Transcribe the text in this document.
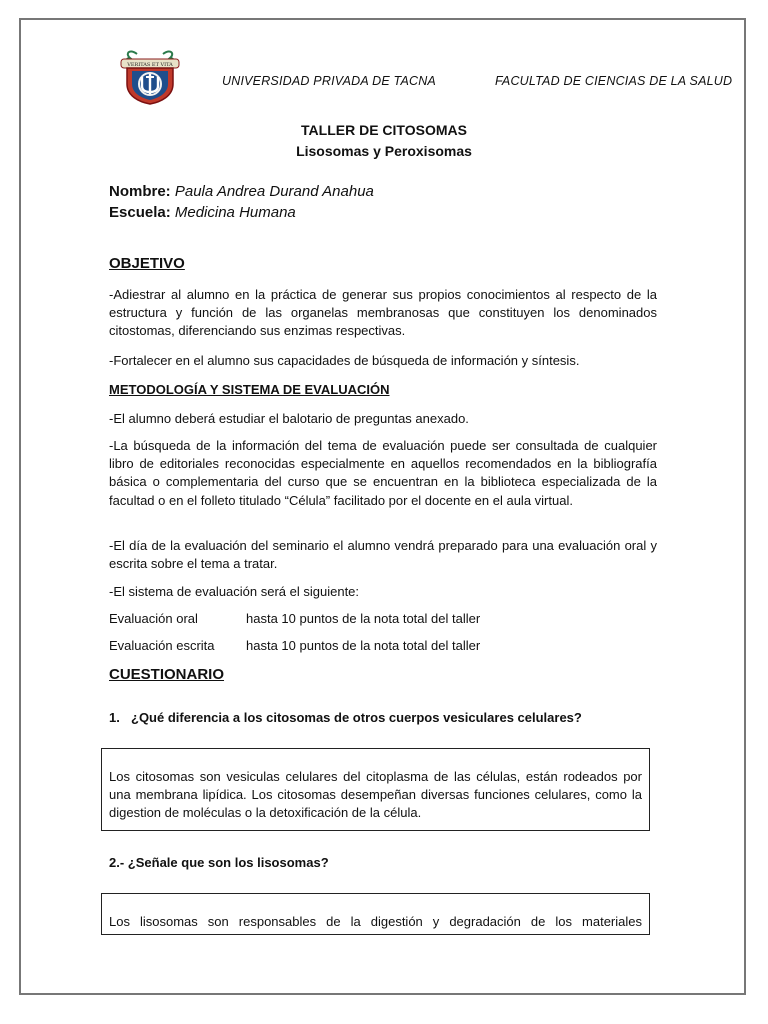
VERITAS ET VITA
UNIVERSIDAD PRIVADA DE TACNA	FACULTAD DE CIENCIAS DE LA SALUD
TALLER DE CITOSOMAS
Lisosomas y Peroxisomas
Nombre: Paula Andrea Durand Anahua
Escuela: Medicina Humana
OBJETIVO
-Adiestrar al alumno en la práctica de generar sus propios conocimientos al respecto de la estructura y función de las organelas membranosas que constituyen los denominados citostomas, diferenciando sus enzimas respectivas.
-Fortalecer en el alumno sus capacidades de búsqueda de información y síntesis.
METODOLOGÍA Y SISTEMA DE EVALUACIÓN
-El alumno deberá estudiar el balotario de preguntas anexado.
-La búsqueda de la información del tema de evaluación puede ser consultada de cualquier libro de editoriales reconocidas especialmente en aquellos recomendados en la bibliografía básica o complementaria del curso que se encuentran en la biblioteca especializada de la facultad o en el folleto titulado “Célula” facilitado por el docente en el aula virtual.
-El día de la evaluación del seminario el alumno vendrá preparado para una evaluación oral y escrita sobre el tema a tratar.
-El sistema de evaluación será el siguiente:
Evaluación oral	hasta 10 puntos de la nota total del taller
Evaluación escrita hasta 10 puntos de la nota total del taller
CUESTIONARIO
1. ¿Qué diferencia a los citosomas de otros cuerpos vesiculares celulares?
Los citosomas son vesiculas celulares del citoplasma de las células, están rodeados por una membrana lipídica. Los citosomas desempeñan diversas funciones celulares, como la digestion de moléculas o la detoxificación de la célula.
2.- ¿Señale que son los lisosomas?
Los lisosomas son responsables de la digestión y degradación de los materiales
